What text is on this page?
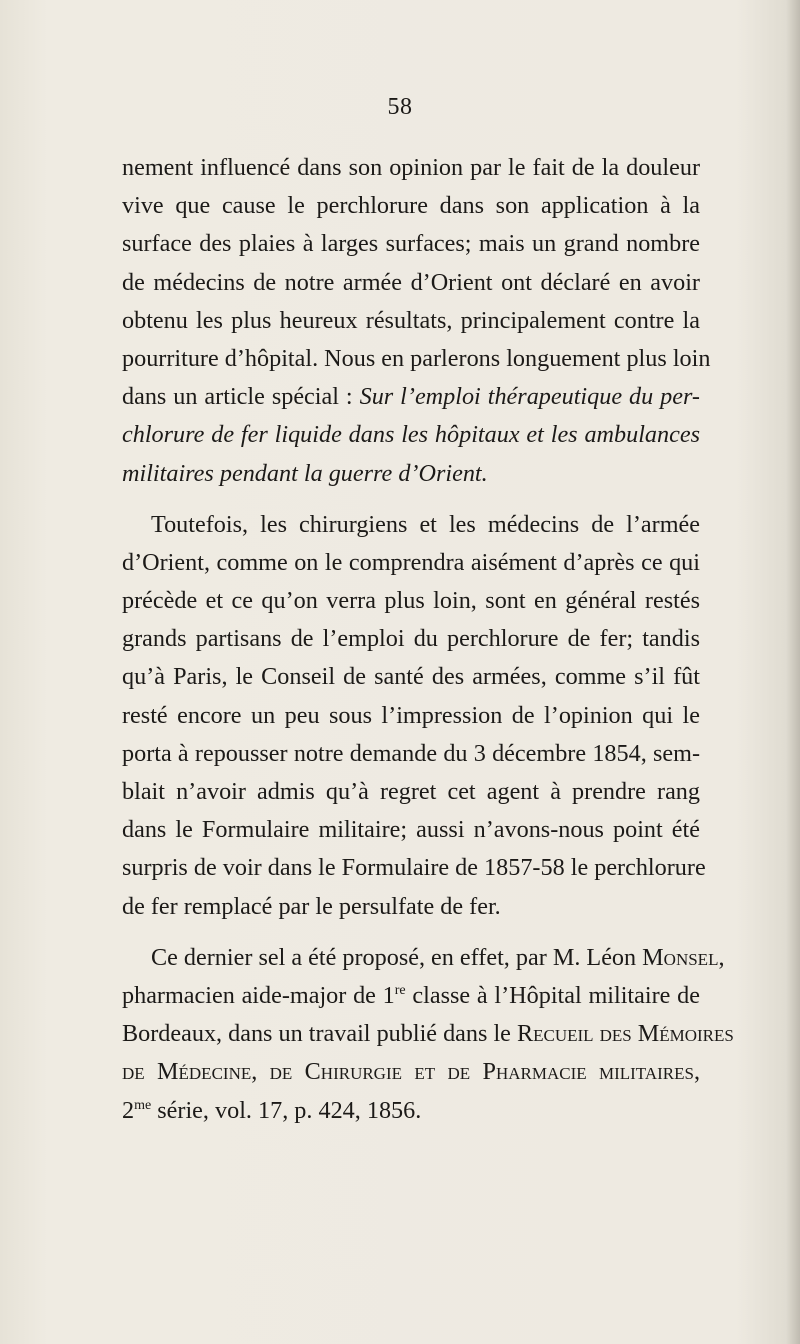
58
nement influencé dans son opinion par le fait de la douleur
vive que cause le perchlorure dans son application à la
surface des plaies à larges surfaces; mais un grand nombre
de médecins de notre armée d’Orient ont déclaré en avoir
obtenu les plus heureux résultats, principalement contre la
pourriture d’hôpital. Nous en parlerons longuement plus loin
dans un article spécial : Sur l’emploi thérapeutique du per-
chlorure de fer liquide dans les hôpitaux et les ambulances
militaires pendant la guerre d’Orient.
Toutefois, les chirurgiens et les médecins de l’armée
d’Orient, comme on le comprendra aisément d’après ce qui
précède et ce qu’on verra plus loin, sont en général restés
grands partisans de l’emploi du perchlorure de fer; tandis
qu’à Paris, le Conseil de santé des armées, comme s’il fût
resté encore un peu sous l’impression de l’opinion qui le
porta à repousser notre demande du 3 décembre 1854, sem-
blait n’avoir admis qu’à regret cet agent à prendre rang
dans le Formulaire militaire; aussi n’avons-nous point été
surpris de voir dans le Formulaire de 1857-58 le perchlorure
de fer remplacé par le persulfate de fer.
Ce dernier sel a été proposé, en effet, par M. Léon Monsel,
pharmacien aide-major de 1re classe à l’Hôpital militaire de
Bordeaux, dans un travail publié dans le Recueil des Mémoires
de Médecine, de Chirurgie et de Pharmacie militaires,
$2^{me}$ série, vol. 17, p. 424, 1856.
